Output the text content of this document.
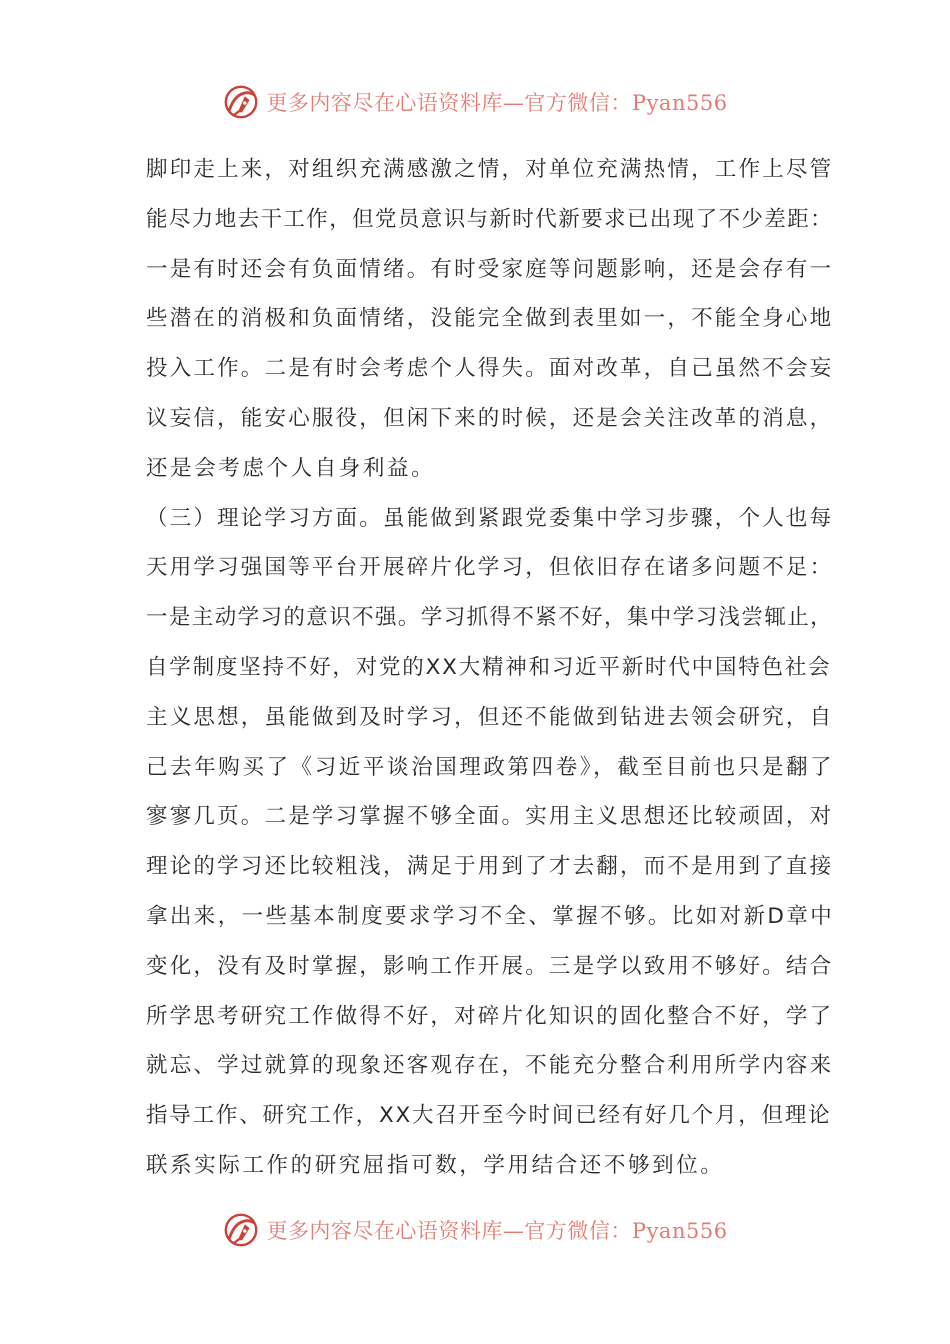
更多内容尽在心语资料库—官方微信：Pyan556
脚印走上来，对组织充满感激之情，对单位充满热情，工作上尽管
能尽力地去干工作，但党员意识与新时代新要求已出现了不少差距：
一是有时还会有负面情绪。有时受家庭等问题影响，还是会存有一
些潜在的消极和负面情绪，没能完全做到表里如一，不能全身心地
投入工作。二是有时会考虑个人得失。面对改革，自己虽然不会妄
议妄信，能安心服役，但闲下来的时候，还是会关注改革的消息，
还是会考虑个人自身利益。
（三）理论学习方面。虽能做到紧跟党委集中学习步骤，个人也每
天用学习强国等平台开展碎片化学习，但依旧存在诸多问题不足：
一是主动学习的意识不强。学习抓得不紧不好，集中学习浅尝辄止，
自学制度坚持不好，对党的XX大精神和习近平新时代中国特色社会
主义思想，虽能做到及时学习，但还不能做到钻进去领会研究，自
己去年购买了《习近平谈治国理政第四卷》，截至目前也只是翻了
寥寥几页。二是学习掌握不够全面。实用主义思想还比较顽固，对
理论的学习还比较粗浅，满足于用到了才去翻，而不是用到了直接
拿出来，一些基本制度要求学习不全、掌握不够。比如对新D章中
变化，没有及时掌握，影响工作开展。三是学以致用不够好。结合
所学思考研究工作做得不好，对碎片化知识的固化整合不好，学了
就忘、学过就算的现象还客观存在，不能充分整合利用所学内容来
指导工作、研究工作，XX大召开至今时间已经有好几个月，但理论
联系实际工作的研究屈指可数，学用结合还不够到位。
更多内容尽在心语资料库—官方微信：Pyan556
